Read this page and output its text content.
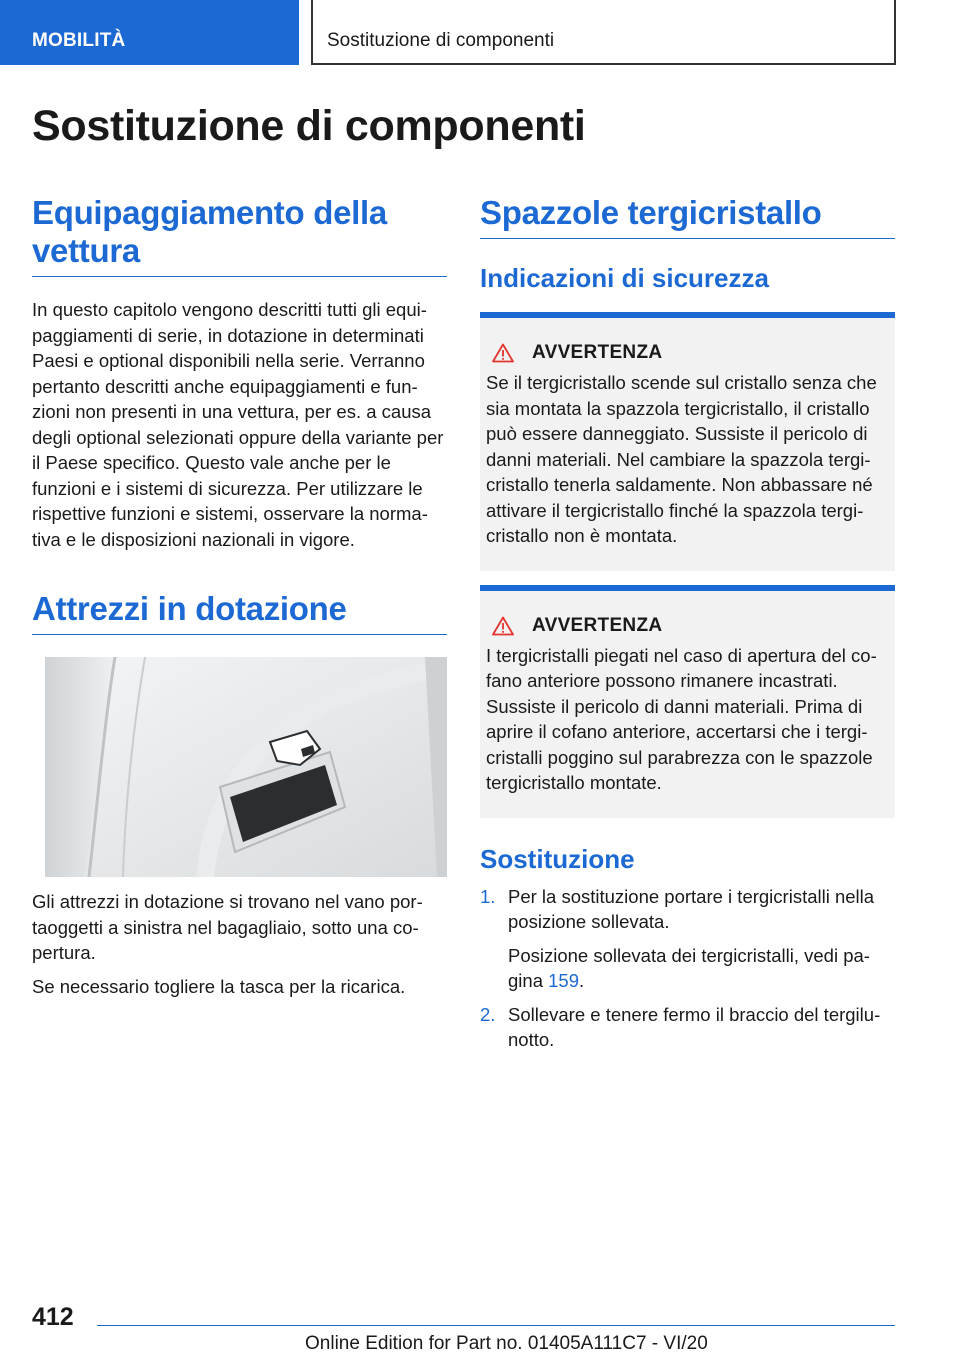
MOBILITÀ	Sostituzione di componenti
Sostituzione di componenti
Equipaggiamento della vettura

In questo capitolo vengono descritti tutti gli equipaggiamenti di serie, in dotazione in determinati Paesi e optional disponibili nella serie. Verranno pertanto descritti anche equipaggiamenti e funzioni non presenti in una vettura, per es. a causa degli optional selezionati oppure della variante per il Paese specifico. Questo vale anche per le funzioni e i sistemi di sicurezza. Per utilizzare le rispettive funzioni e sistemi, osservare la normativa e le disposizioni nazionali in vigore.

Attrezzi in dotazione

Gli attrezzi in dotazione si trovano nel vano portaoggetti a sinistra nel bagagliaio, sotto una copertura.

Se necessario togliere la tasca per la ricarica.

Spazzole tergicristallo
Indicazioni di sicurezza
AVVERTENZA

Se il tergicristallo scende sul cristallo senza che sia montata la spazzola tergicristallo, il cristallo può essere danneggiato. Sussiste il pericolo di danni materiali. Nel cambiare la spazzola tergicristallo tenerla saldamente. Non abbassare né attivare il tergicristallo finché la spazzola tergicristallo non è montata.

AVVERTENZA

I tergicristalli piegati nel caso di apertura del cofano anteriore possono rimanere incastrati. Sussiste il pericolo di danni materiali. Prima di aprire il cofano anteriore, accertarsi che i tergicristalli poggino sul parabrezza con le spazzole tergicristallo montate.

Sostituzione
1. Per la sostituzione portare i tergicristalli nella posizione sollevata.
Posizione sollevata dei tergicristalli, vedi pagina 159.
2. Sollevare e tenere fermo il braccio del tergilunotto.
412
Online Edition for Part no. 01405A111C7 - VI/20
